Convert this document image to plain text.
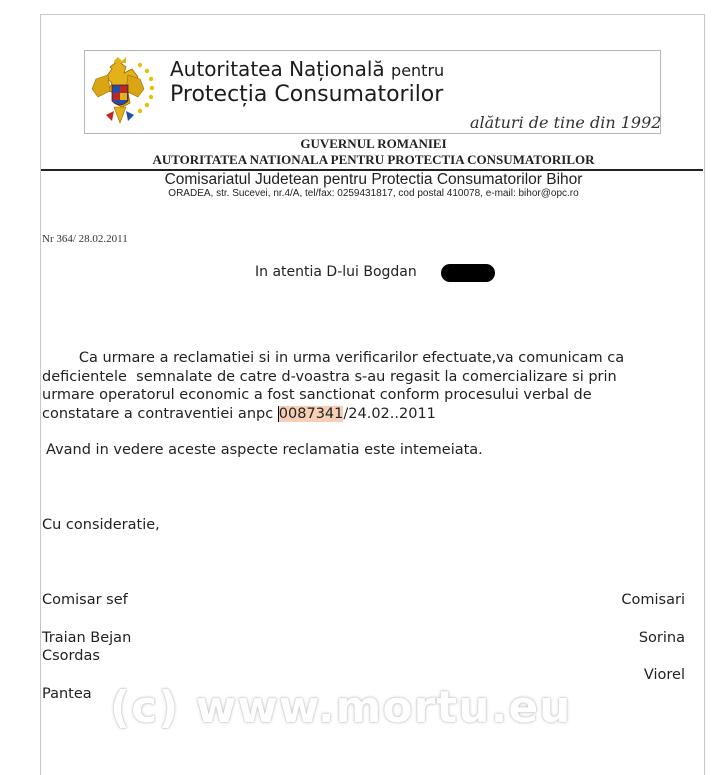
Autoritatea Națională pentru
Protecția Consumatorilor
alături de tine din 1992
GUVERNUL ROMANIEI
AUTORITATEA NATIONALA PENTRU PROTECTIA CONSUMATORILOR
Comisariatul Judetean pentru Protectia Consumatorilor Bihor
ORADEA, str. Sucevei, nr.4/A, tel/fax: 0259431817, cod postal 410078, e-mail: bihor@opc.ro
Nr 364/ 28.02.2011
In atentia D-lui Bogdan
Ca urmare a reclamatiei si in urma verificarilor efectuate,va comunicam ca
deficientele  semnalate de catre d-voastra s-au regasit la comercializare si prin
urmare operatorul economic a fost sanctionat conform procesului verbal de
constatare a contraventiei anpc 0087341/24.02..2011
Avand in vedere aceste aspecte reclamatia este intemeiata.
Cu consideratie,
Comisar sef	Comisari
Traian Bejan	Sorina
Csordas
Viorel
Pantea (c) www.mortu.eu
